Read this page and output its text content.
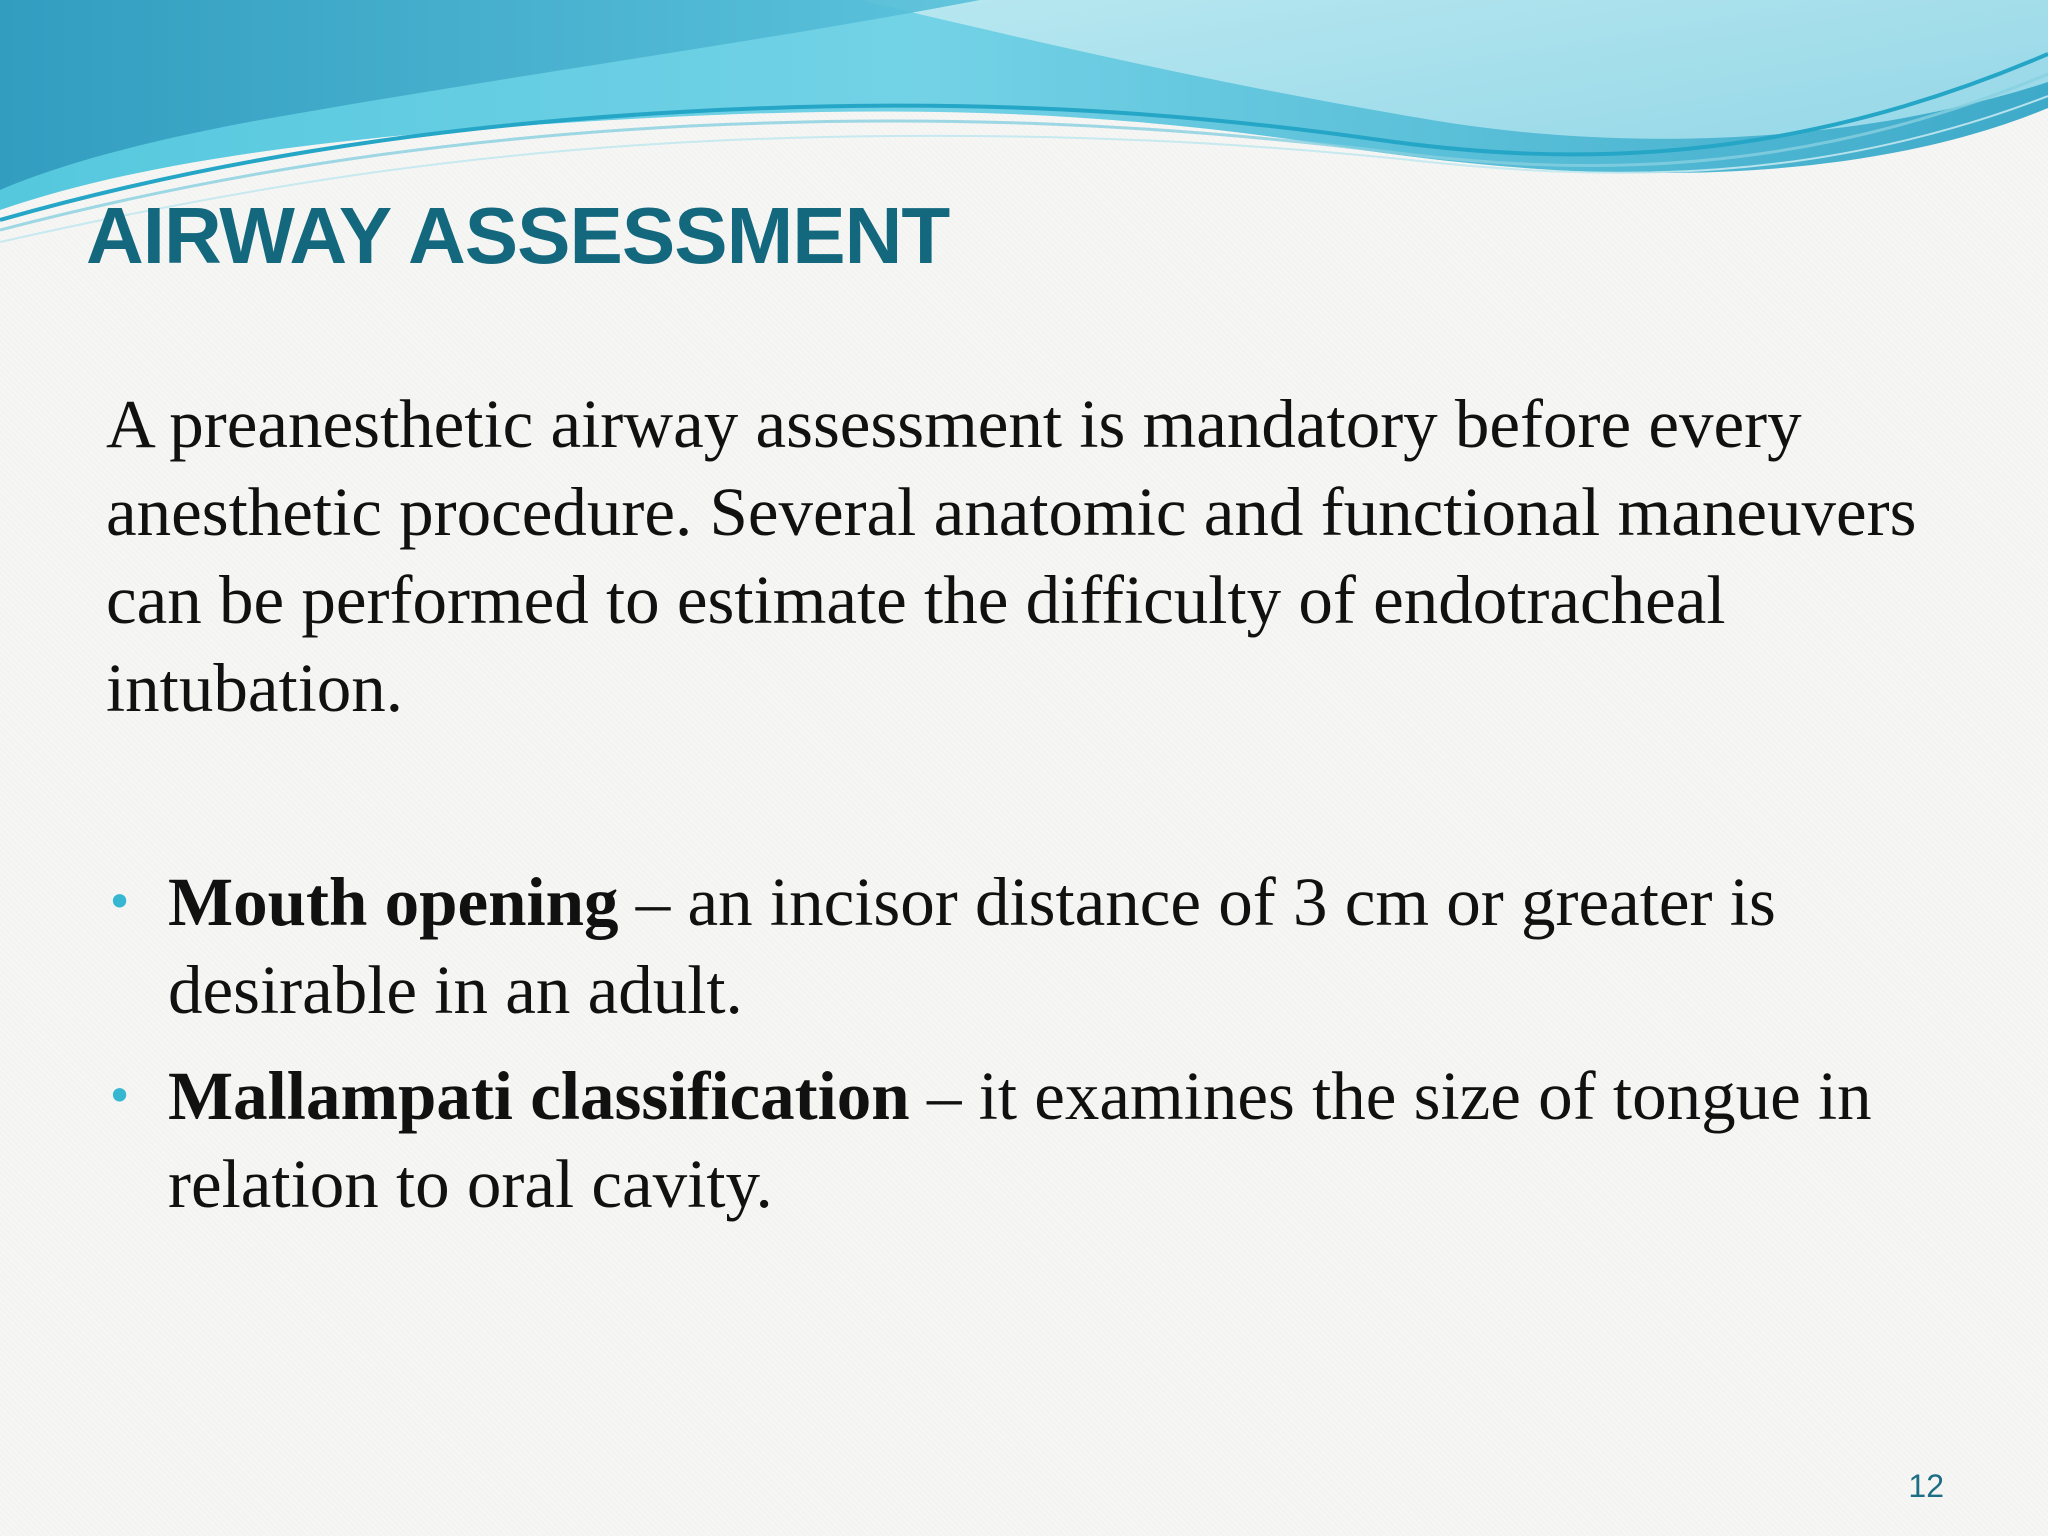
AIRWAY ASSESSMENT

A preanesthetic airway assessment is mandatory before every anesthetic procedure. Several anatomic and functional maneuvers can be performed to estimate the difficulty of endotracheal intubation.

• Mouth opening – an incisor distance of 3 cm or greater is desirable in an adult.
• Mallampati classification – it examines the size of tongue in relation to oral cavity.
12
